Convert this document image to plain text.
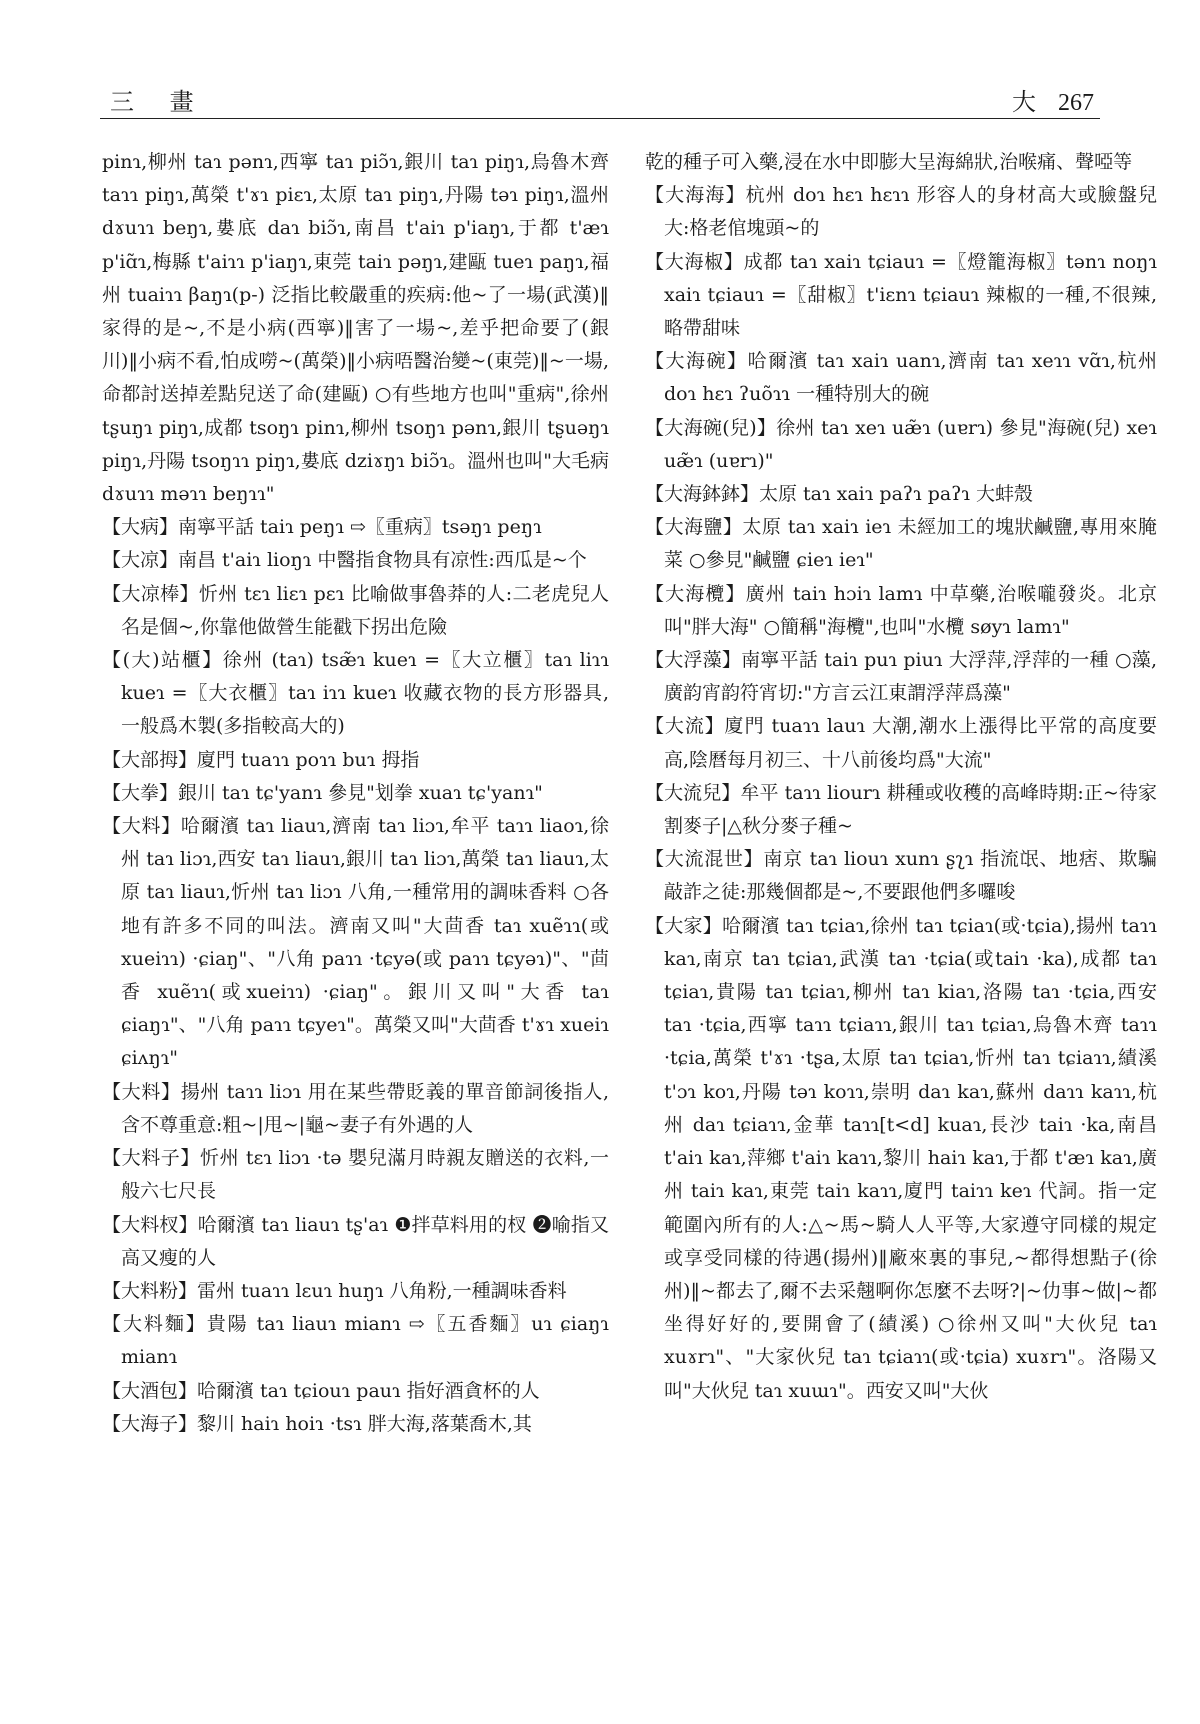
三 畫	大 267

pinɿ,柳州 taɿ pənɿ,西寧 taɿ piɔ̃ɿ,銀川 taɿ piŋɿ,烏魯木齊 taɿɿ piŋɿ,萬榮 t'ɤɿ piɛɿ,太原 taɿ piŋɿ,丹陽 təɿ piŋɿ,溫州 dɤuɿɿ beŋɿ,婁底 daɿ biɔ̃ɿ,南昌 t'aiɿ p'iaŋɿ,于都 t'æɿ p'iɑ̃ɿ,梅縣 t'aiɿɿ p'iaŋɿ,東莞 taiɿ pəŋɿ,建甌 tueɿ paŋɿ,福州 tuaiɿɿ βaŋɿ(p-) 泛指比較嚴重的疾病:他~了一場(武漢)‖家得的是~,不是小病(西寧)‖害了一場~,差乎把命要了(銀川)‖小病不看,怕成嘮~(萬榮)‖小病唔醫治變~(東莞)‖~一場,命都討送掉差點兒送了命(建甌) ○有些地方也叫"重病",徐州 tʂuŋɿ piŋɿ,成都 tsoŋɿ pinɿ,柳州 tsoŋɿ pənɿ,銀川 tʂuəŋɿ piŋɿ,丹陽 tsoŋɿɿ piŋɿ,婁底 dziɤŋɿ biɔ̃ɿ。溫州也叫"大毛病 dɤuɿɿ məɿɿ beŋɿɿ"

【大病】南寧平話 taiɿ peŋɿ ⇨〖重病〗tsəŋɿ peŋɿ

【大凉】南昌 t'aiɿ lioŋɿ 中醫指食物具有凉性:西瓜是~个

【大凉棒】忻州 tɛɿ liɛɿ pɛɿ 比喻做事魯莽的人:二老虎兒人名是個~,你靠他做營生能戳下拐出危險

【(大)站櫃】徐州 (taɿ) tsæ̃ɿ kueɿ =〖大立櫃〗taɿ liɿɿ kueɿ =〖大衣櫃〗taɿ iɿɿ kueɿ 收藏衣物的長方形器具,一般爲木製(多指較高大的)

【大部拇】廈門 tuaɿɿ poɿɿ buɿ 拇指

【大拳】銀川 taɿ tɕ'yanɿ 參見"划拳 xuaɿ tɕ'yanɿ"

【大料】哈爾濱 taɿ liauɿ,濟南 taɿ liɔɿ,牟平 taɿɿ liaoɿ,徐州 taɿ liɔɿ,西安 taɿ liauɿ,銀川 taɿ liɔɿ,萬榮 taɿ liauɿ,太原 taɿ liauɿ,忻州 taɿ liɔɿ 八角,一種常用的調味香料 ○各地有許多不同的叫法。濟南又叫"大茴香 taɿ xuẽɿɿ(或 xueiɿɿ) ·ɕiaŋ"、"八角 paɿɿ ·tɕyə(或 paɿɿ tɕyəɿ)"、"茴香 xuẽɿɿ(或xueiɿɿ) ·ɕiaŋ"。銀川又叫"大香 taɿ ɕiaŋɿ"、"八角 paɿɿ tɕyeɿ"。萬榮又叫"大茴香 t'ɤɿ xueiɿ ɕiʌŋɿ"

【大料】揚州 taɿɿ liɔɿ 用在某些帶貶義的單音節詞後指人,含不尊重意:粗~|甩~|龜~妻子有外遇的人

【大料子】忻州 tɛɿ liɔɿ ·tə 嬰兒滿月時親友贈送的衣料,一般六七尺長

【大料杈】哈爾濱 taɿ liauɿ tʂ'aɿ ❶拌草料用的杈 ❷喻指又高又瘦的人

【大料粉】雷州 tuaɿɿ lɛuɿ huŋɿ 八角粉,一種調味香料

【大料麵】貴陽 taɿ liauɿ mianɿ ⇨〖五香麵〗uɿ ɕiaŋɿ mianɿ

【大酒包】哈爾濱 taɿ tɕiouɿ pauɿ 指好酒貪杯的人

【大海子】黎川 haiɿ hoiɿ ·tsɿ 胖大海,落葉喬木,其

乾的種子可入藥,浸在水中即膨大呈海綿狀,治喉痛、聲啞等

【大海海】杭州 doɿ hɛɿ hɛɿɿ 形容人的身材高大或臉盤兒大:格老倌塊頭~的

【大海椒】成都 taɿ xaiɿ tɕiauɿ =〖燈籠海椒〗tənɿ noŋɿ xaiɿ tɕiauɿ =〖甜椒〗t'iɛnɿ tɕiauɿ 辣椒的一種,不很辣,略帶甜味

【大海碗】哈爾濱 taɿ xaiɿ uanɿ,濟南 taɿ xeɿɿ vɑ̃ɿ,杭州 doɿ hɛɿ ʔuõɿɿ 一種特別大的碗

【大海碗(兒)】徐州 taɿ xeɿ uæ̃ɿ (uɐrɿ) 參見"海碗(兒) xeɿ uæ̃ɿ (uɐrɿ)"

【大海鉢鉢】太原 taɿ xaiɿ paʔɿ paʔɿ 大蚌殼

【大海鹽】太原 taɿ xaiɿ ieɿ 未經加工的塊狀鹹鹽,專用來腌菜 ○參見"鹹鹽 ɕieɿ ieɿ"

【大海欖】廣州 taiɿ hɔiɿ lamɿ 中草藥,治喉嚨發炎。北京叫"胖大海" ○簡稱"海欖",也叫"水欖 søyɿ lamɿ"

【大浮藻】南寧平話 taiɿ puɿ piuɿ 大浮萍,浮萍的一種 ○藻,廣韵宵韵符宵切:"方言云江東謂浮萍爲藻"

【大流】廈門 tuaɿɿ lauɿ 大潮,潮水上漲得比平常的高度要高,陰曆每月初三、十八前後均爲"大流"

【大流兒】牟平 taɿɿ liourɿ 耕種或收穫的高峰時期:正~待家割麥子|△秋分麥子種~

【大流混世】南京 taɿ liouɿ xunɿ ʂʅɿ 指流氓、地痞、欺騙敲詐之徒:那幾個都是~,不要跟他們多囉唆

【大家】哈爾濱 taɿ tɕiaɿ,徐州 taɿ tɕiaɿ(或·tɕia),揚州 taɿɿ kaɿ,南京 taɿ tɕiaɿ,武漢 taɿ ·tɕia(或taiɿ ·ka),成都 taɿ tɕiaɿ,貴陽 taɿ tɕiaɿ,柳州 taɿ kiaɿ,洛陽 taɿ ·tɕia,西安 taɿ ·tɕia,西寧 taɿɿ tɕiaɿɿ,銀川 taɿ tɕiaɿ,烏魯木齊 taɿɿ ·tɕia,萬榮 t'ɤɿ ·tʂa,太原 taɿ tɕiaɿ,忻州 taɿ tɕiaɿɿ,績溪 t'ɔɿ koɿ,丹陽 təɿ koɿɿ,崇明 daɿ kaɿ,蘇州 daɿɿ kaɿɿ,杭州 daɿ tɕiaɿɿ,金華 taɿɿ[t<d] kuaɿ,長沙 taiɿ ·ka,南昌 t'aiɿ kaɿ,萍鄉 t'aiɿ kaɿɿ,黎川 haiɿ kaɿ,于都 t'æɿ kaɿ,廣州 taiɿ kaɿ,東莞 taiɿ kaɿɿ,廈門 taiɿɿ keɿ 代詞。指一定範圍內所有的人:△~馬~騎人人平等,大家遵守同樣的規定或享受同樣的待遇(揚州)‖廠來裏的事兒,~都得想點子(徐州)‖~都去了,爾不去采翹啊你怎麼不去呀?|~仂事~做|~都坐得好好的,要開會了(績溪) ○徐州又叫"大伙兒 taɿ xuɤrɿ"、"大家伙兒 taɿ tɕiaɿɿ(或·tɕia) xuɤrɿ"。洛陽又叫"大伙兒 taɿ xuɯɿ"。西安又叫"大伙
